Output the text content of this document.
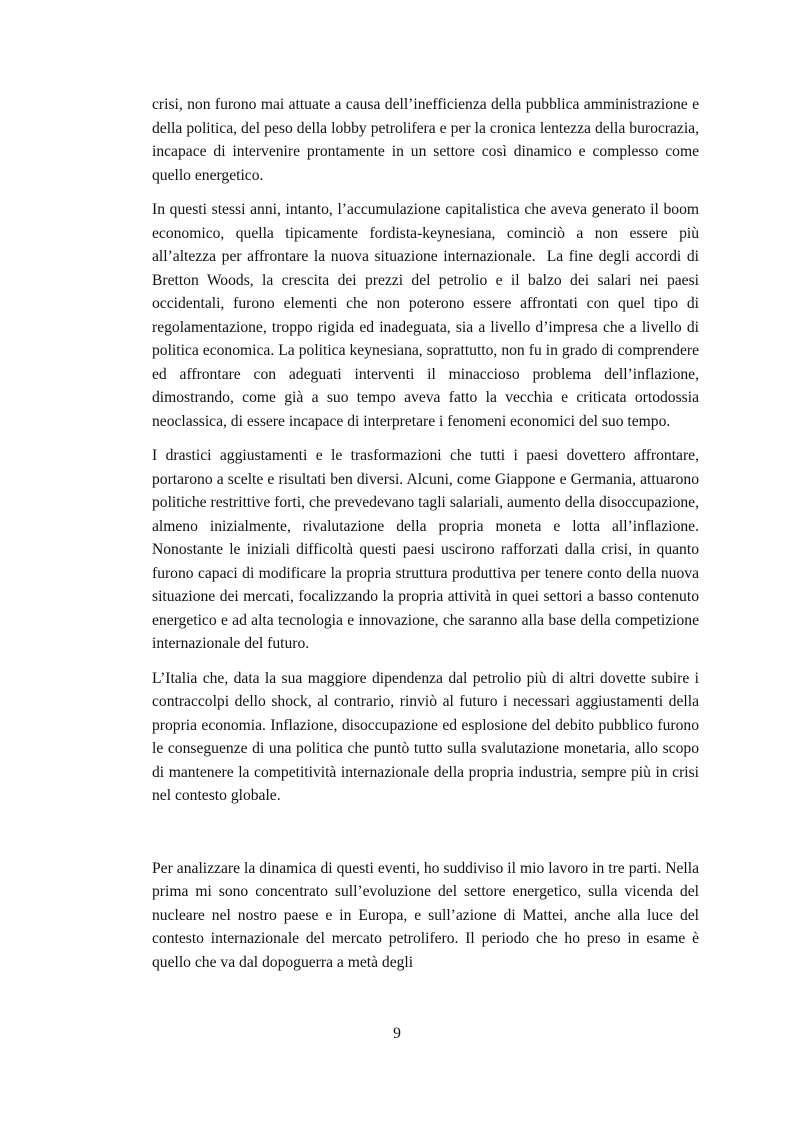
crisi, non furono mai attuate a causa dell’inefficienza della pubblica amministrazione e della politica, del peso della lobby petrolifera e per la cronica lentezza della burocrazia, incapace di intervenire prontamente in un settore così dinamico e complesso come quello energetico.

In questi stessi anni, intanto, l’accumulazione capitalistica che aveva generato il boom economico, quella tipicamente fordista-keynesiana, cominciò a non essere più all’altezza per affrontare la nuova situazione internazionale.  La fine degli accordi di Bretton Woods, la crescita dei prezzi del petrolio e il balzo dei salari nei paesi occidentali, furono elementi che non poterono essere affrontati con quel tipo di regolamentazione, troppo rigida ed inadeguata, sia a livello d’impresa che a livello di politica economica. La politica keynesiana, soprattutto, non fu in grado di comprendere ed affrontare con adeguati interventi il minaccioso problema dell’inflazione, dimostrando, come già a suo tempo aveva fatto la vecchia e criticata ortodossia neoclassica, di essere incapace di interpretare i fenomeni economici del suo tempo.

I drastici aggiustamenti e le trasformazioni che tutti i paesi dovettero affrontare, portarono a scelte e risultati ben diversi. Alcuni, come Giappone e Germania, attuarono politiche restrittive forti, che prevedevano tagli salariali, aumento della disoccupazione, almeno inizialmente, rivalutazione della propria moneta e lotta all’inflazione. Nonostante le iniziali difficoltà questi paesi uscirono rafforzati dalla crisi, in quanto furono capaci di modificare la propria struttura produttiva per tenere conto della nuova situazione dei mercati, focalizzando la propria attività in quei settori a basso contenuto energetico e ad alta tecnologia e innovazione, che saranno alla base della competizione internazionale del futuro.

L’Italia che, data la sua maggiore dipendenza dal petrolio più di altri dovette subire i contraccolpi dello shock, al contrario, rinviò al futuro i necessari aggiustamenti della propria economia. Inflazione, disoccupazione ed esplosione del debito pubblico furono le conseguenze di una politica che puntò tutto sulla svalutazione monetaria, allo scopo di mantenere la competitività internazionale della propria industria, sempre più in crisi nel contesto globale.

Per analizzare la dinamica di questi eventi, ho suddiviso il mio lavoro in tre parti. Nella prima mi sono concentrato sull’evoluzione del settore energetico, sulla vicenda del nucleare nel nostro paese e in Europa, e sull’azione di Mattei, anche alla luce del contesto internazionale del mercato petrolifero. Il periodo che ho preso in esame è quello che va dal dopoguerra a metà degli

9
